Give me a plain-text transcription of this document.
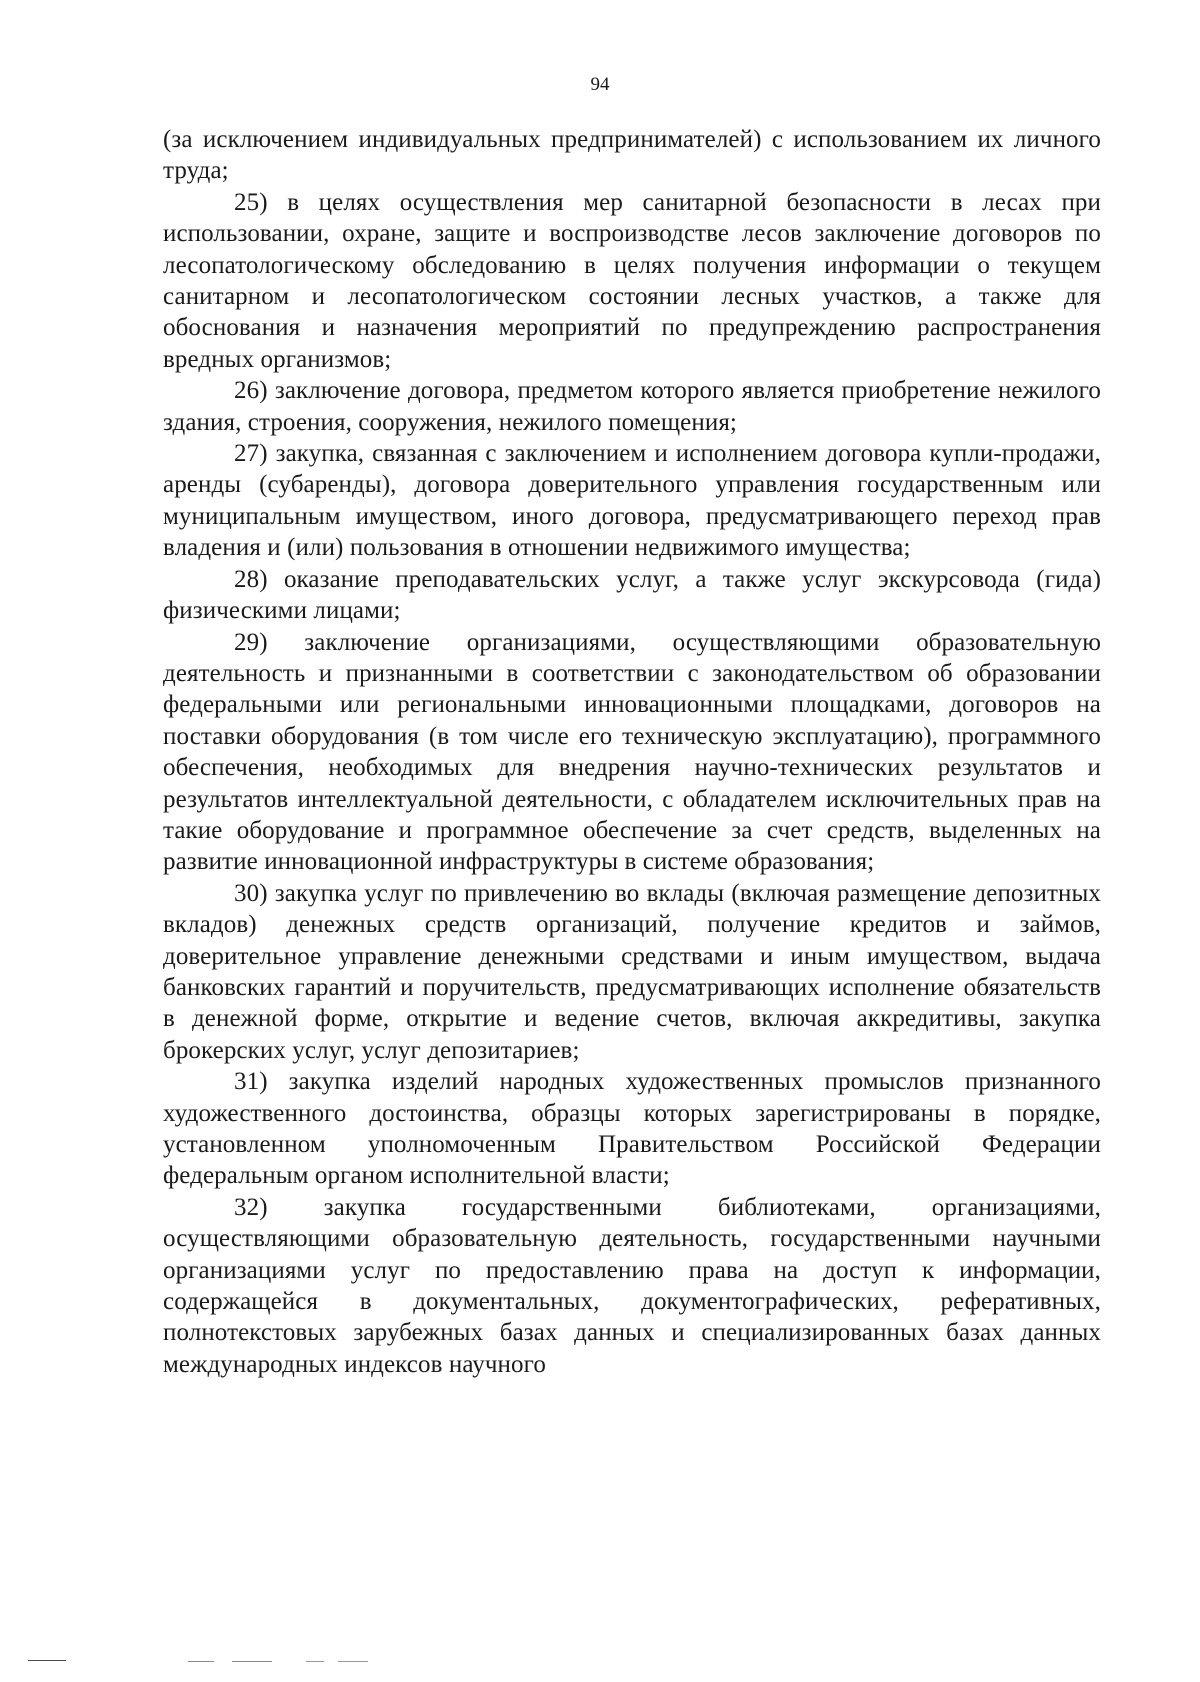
94

(за исключением индивидуальных предпринимателей) с использованием их личного труда;

25) в целях осуществления мер санитарной безопасности в лесах при использовании, охране, защите и воспроизводстве лесов заключение договоров по лесопатологическому обследованию в целях получения информации о текущем санитарном и лесопатологическом состоянии лесных участков, а также для обоснования и назначения мероприятий по предупреждению распространения вредных организмов;

26) заключение договора, предметом которого является приобретение нежилого здания, строения, сооружения, нежилого помещения;

27) закупка, связанная с заключением и исполнением договора купли-продажи, аренды (субаренды), договора доверительного управления государственным или муниципальным имуществом, иного договора, предусматривающего переход прав владения и (или) пользования в отношении недвижимого имущества;

28) оказание преподавательских услуг, а также услуг экскурсовода (гида) физическими лицами;

29) заключение организациями, осуществляющими образовательную деятельность и признанными в соответствии с законодательством об образовании федеральными или региональными инновационными площадками, договоров на поставки оборудования (в том числе его техническую эксплуатацию), программного обеспечения, необходимых для внедрения научно-технических результатов и результатов интеллектуальной деятельности, с обладателем исключительных прав на такие оборудование и программное обеспечение за счет средств, выделенных на развитие инновационной инфраструктуры в системе образования;

30) закупка услуг по привлечению во вклады (включая размещение депозитных вкладов) денежных средств организаций, получение кредитов и займов, доверительное управление денежными средствами и иным имуществом, выдача банковских гарантий и поручительств, предусматривающих исполнение обязательств в денежной форме, открытие и ведение счетов, включая аккредитивы, закупка брокерских услуг, услуг депозитариев;

31) закупка изделий народных художественных промыслов признанного художественного достоинства, образцы которых зарегистрированы в порядке, установленном уполномоченным Правительством Российской Федерации федеральным органом исполнительной власти;

32) закупка государственными библиотеками, организациями, осуществляющими образовательную деятельность, государственными научными организациями услуг по предоставлению права на доступ к информации, содержащейся в документальных, документографических, реферативных, полнотекстовых зарубежных базах данных и специализированных базах данных международных индексов научного
